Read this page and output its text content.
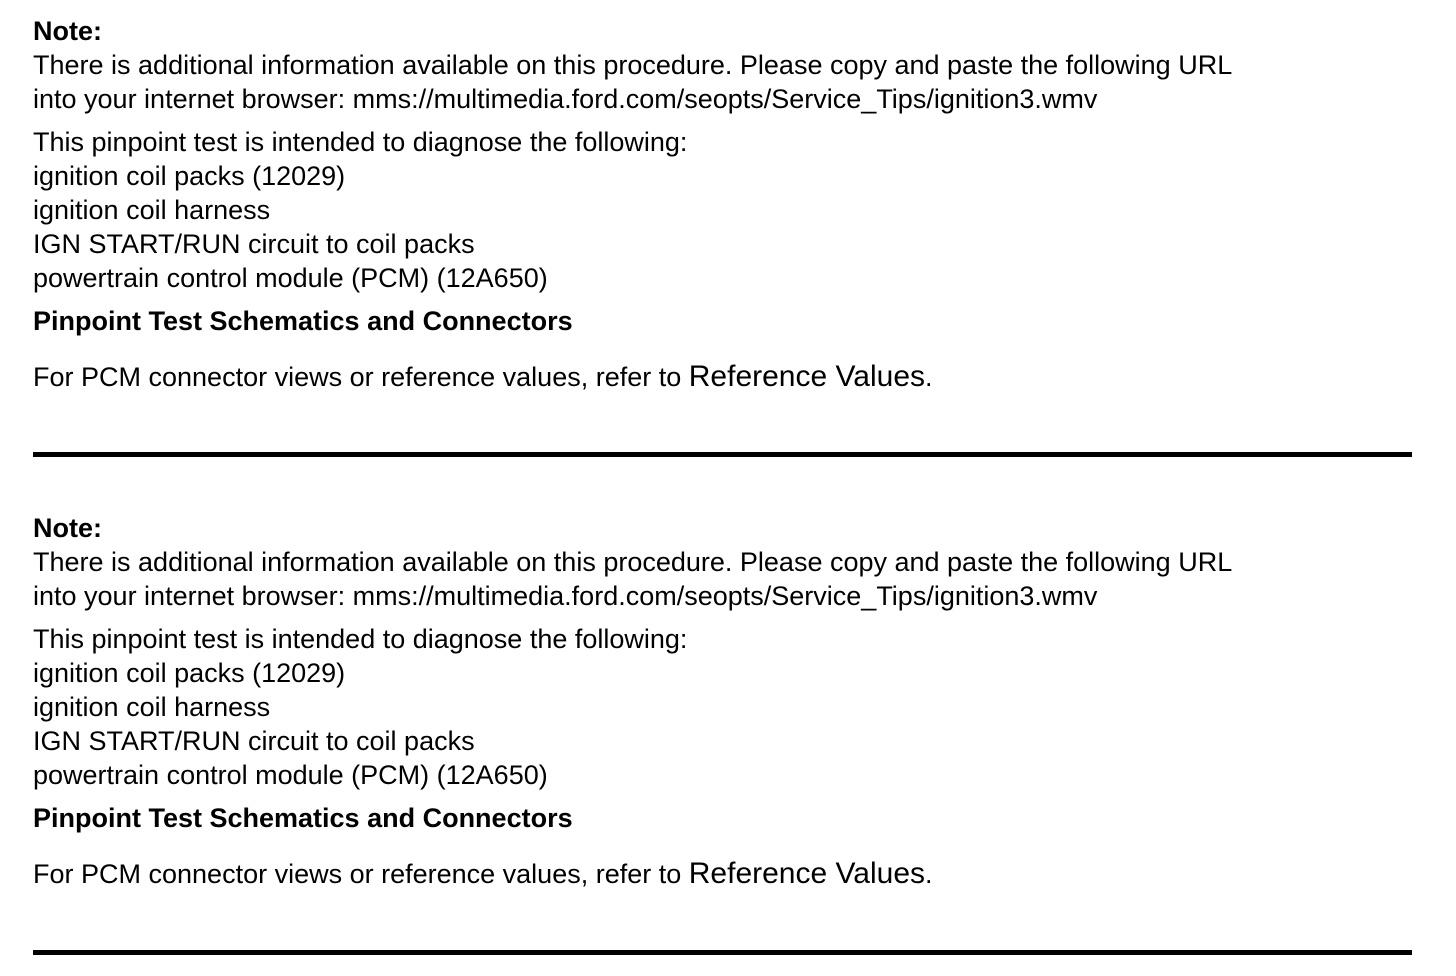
Note:

There is additional information available on this procedure. Please copy and paste the following URL
into your internet browser: mms://multimedia.ford.com/seopts/Service_Tips/ignition3.wmv

This pinpoint test is intended to diagnose the following:

ignition coil packs (12029)
ignition coil harness
IGN START/RUN circuit to coil packs
powertrain control module (PCM) (12A650)

Pinpoint Test Schematics and Connectors

For PCM connector views or reference values, refer to Reference Values.

Note:

There is additional information available on this procedure. Please copy and paste the following URL
into your internet browser: mms://multimedia.ford.com/seopts/Service_Tips/ignition3.wmv

This pinpoint test is intended to diagnose the following:

ignition coil packs (12029)
ignition coil harness
IGN START/RUN circuit to coil packs
powertrain control module (PCM) (12A650)

Pinpoint Test Schematics and Connectors

For PCM connector views or reference values, refer to Reference Values.
